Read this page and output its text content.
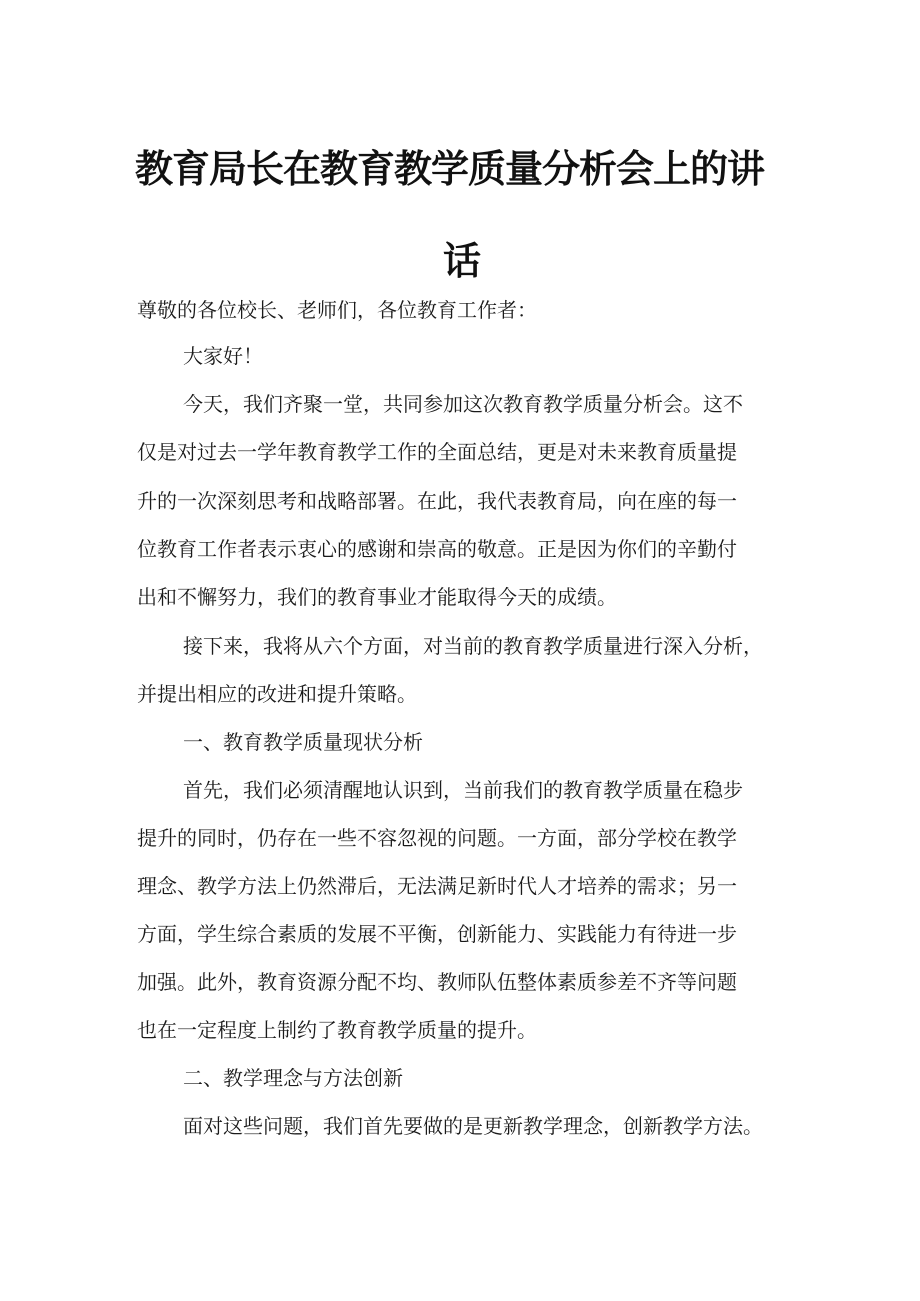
教育局长在教育教学质量分析会上的讲
话

尊敬的各位校长、老师们，各位教育工作者：

大家好！

今天，我们齐聚一堂，共同参加这次教育教学质量分析会。这不

仅是对过去一学年教育教学工作的全面总结，更是对未来教育质量提

升的一次深刻思考和战略部署。在此，我代表教育局，向在座的每一

位教育工作者表示衷心的感谢和崇高的敬意。正是因为你们的辛勤付

出和不懈努力，我们的教育事业才能取得今天的成绩。

接下来，我将从六个方面，对当前的教育教学质量进行深入分析，

并提出相应的改进和提升策略。

一、教育教学质量现状分析

首先，我们必须清醒地认识到，当前我们的教育教学质量在稳步

提升的同时，仍存在一些不容忽视的问题。一方面，部分学校在教学

理念、教学方法上仍然滞后，无法满足新时代人才培养的需求；另一

方面，学生综合素质的发展不平衡，创新能力、实践能力有待进一步

加强。此外，教育资源分配不均、教师队伍整体素质参差不齐等问题

也在一定程度上制约了教育教学质量的提升。

二、教学理念与方法创新

面对这些问题，我们首先要做的是更新教学理念，创新教学方法。
